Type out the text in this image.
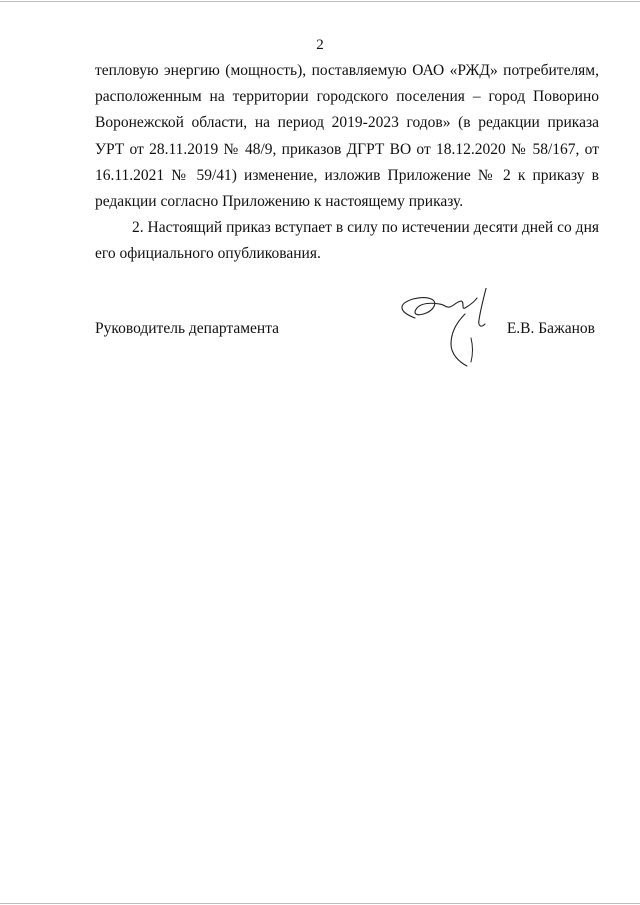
2

тепловую энергию (мощность), поставляемую ОАО «РЖД» потребителям, расположенным на территории городского поселения – город Поворино Воронежской области, на период 2019-2023 годов» (в редакции приказа УРТ от 28.11.2019 № 48/9, приказов ДГРТ ВО от 18.12.2020 № 58/167, от 16.11.2021 № 59/41) изменение, изложив Приложение № 2 к приказу в редакции согласно Приложению к настоящему приказу.

2. Настоящий приказ вступает в силу по истечении десяти дней со дня его официального опубликования.

Руководитель департамента	Е.В. Бажанов
